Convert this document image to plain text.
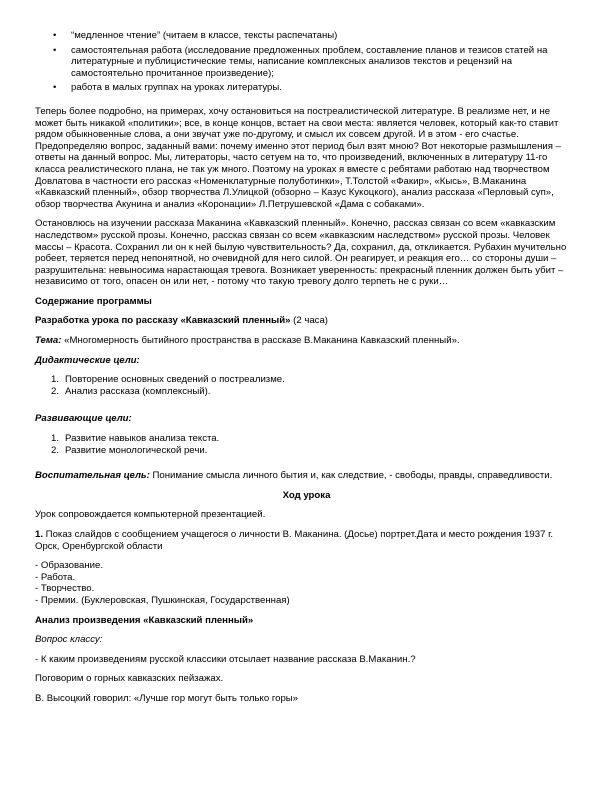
• “медленное чтение” (читаем в классе, тексты распечатаны)
• самостоятельная работа (исследование предложенных проблем, составление планов и тезисов статей на литературные и публицистические темы, написание комплексных анализов текстов и рецензий на самостоятельно прочитанное произведение);
• работа в малых группах на уроках литературы.

Теперь более подробно, на примерах, хочу остановиться на постреалистической литературе. В реализме нет, и не может быть никакой «политики»; все, в конце концов, встает на свои места: является человек, который как-то ставит рядом обыкновенные слова, а они звучат уже по-другому, и смысл их совсем другой. И в этом - его счастье. Предопределяю вопрос, заданный вами: почему именно этот период был взят мною? Вот некоторые размышления – ответы на данный вопрос. Мы, литераторы, часто сетуем на то, что произведений, включенных в литературу 11-го класса реалистического плана, не так уж много. Поэтому на уроках я вместе с ребятами работаю над творчеством Довлатова в частности его рассказ «Номенклатурные полуботинки», Т.Толстой «Факир», «Кысь», В.Маканина «Кавказский пленный», обзор творчества Л.Улицкой (обзорно – Казус Кукоцкого), анализ рассказа «Перловый суп», обзор творчества Акунина и анализ «Коронации» Л.Петрушевской «Дама с собаками».

Остановлюсь на изучении рассказа Маканина «Кавказский пленный». Конечно, рассказ связан со всем «кавказским наследством» русской прозы. Конечно, рассказ связан со всем «кавказским наследством» русской прозы. Человек массы – Красота. Сохранил ли он к ней былую чувствительность? Да, сохранил, да, откликается. Рубахин мучительно робеет, теряется перед непонятной, но очевидной для него силой. Он реагирует, и реакция его… со стороны души – разрушительна: невыносима нарастающая тревога. Возникает уверенность: прекрасный пленник должен быть убит – независимо от того, опасен он или нет, - потому что такую тревогу долго терпеть не с руки…

Содержание программы

Разработка урока по рассказу «Кавказский пленный» (2 часа)

Тема: «Многомерность бытийного пространства в рассказе В.Маканина Кавказский пленный».

Дидактические цели:

1. Повторение основных сведений о постреализме.
2. Анализ рассказа (комплексный).

Развивающие цели:

1. Развитие навыков анализа текста.
2. Развитие монологической речи.

Воспитательная цель: Понимание смысла личного бытия и, как следствие, - свободы, правды, справедливости.

Ход урока

Урок сопровождается компьютерной презентацией.

1. Показ слайдов с сообщением учащегося о личности В. Маканина. (Досье) портрет.Дата и место рождения 1937 г. Орск, Оренбургской области

- Образование.

- Работа.

- Творчество.

- Премии. (Буклеровская, Пушкинская, Государственная)

Анализ произведения «Кавказский пленный»

Вопрос классу:

- К каким произведениям русской классики отсылает название рассказа В.Маканин.?

Поговорим о горных кавказских пейзажах.

В. Высоцкий говорил: «Лучше гор могут быть только горы»
